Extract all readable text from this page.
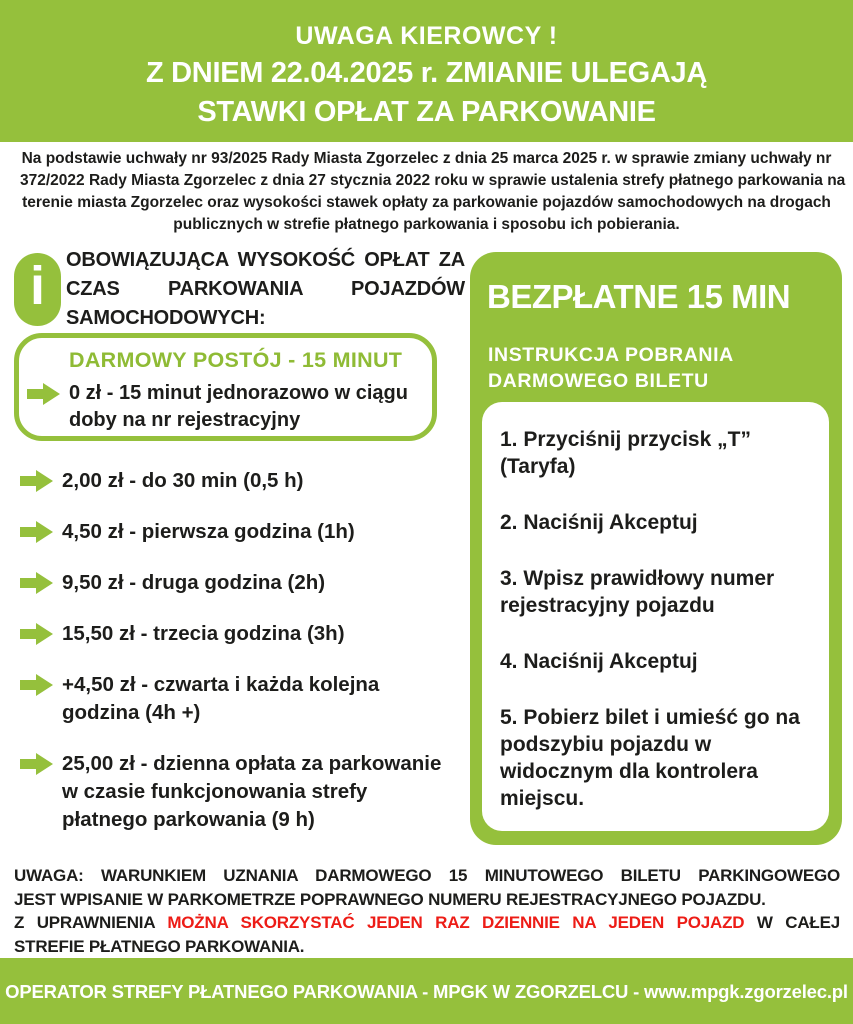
UWAGA KIEROWCY !
Z DNIEM 22.04.2025 r. ZMIANIE ULEGAJĄ
STAWKI OPŁAT ZA PARKOWANIE
Na podstawie uchwały nr 93/2025 Rady Miasta Zgorzelec z dnia 25 marca 2025 r. w sprawie zmiany uchwały nr
372/2022 Rady Miasta Zgorzelec z dnia 27 stycznia 2022 roku w sprawie ustalenia strefy płatnego parkowania na
terenie miasta Zgorzelec oraz wysokości stawek opłaty za parkowanie pojazdów samochodowych na drogach
publicznych w strefie płatnego parkowania i sposobu ich pobierania.
i	OBOWIĄZUJĄCA WYSOKOŚĆ OPŁAT ZA
CZAS PARKOWANIA POJAZDÓW
SAMOCHODOWYCH:
DARMOWY POSTÓJ - 15 MINUT
0 zł - 15 minut jednorazowo w ciągu doby na nr rejestracyjny
2,00 zł - do 30 min (0,5 h)
4,50 zł - pierwsza godzina (1h)
9,50 zł - druga godzina (2h)
15,50 zł - trzecia godzina (3h)
+4,50 zł - czwarta i każda kolejna godzina (4h +)
25,00 zł - dzienna opłata za parkowanie w czasie funkcjonowania strefy płatnego parkowania (9 h)
BEZPŁATNE 15 MIN
INSTRUKCJA POBRANIA
DARMOWEGO BILETU
1. Przyciśnij przycisk „T” (Taryfa)
2. Naciśnij Akceptuj
3. Wpisz prawidłowy numer rejestracyjny pojazdu
4. Naciśnij Akceptuj
5. Pobierz bilet i umieść go na podszybiu pojazdu w widocznym dla kontrolera miejscu.
UWAGA: WARUNKIEM UZNANIA DARMOWEGO 15 MINUTOWEGO BILETU PARKINGOWEGO
JEST WPISANIE W PARKOMETRZE POPRAWNEGO NUMERU REJESTRACYJNEGO POJAZDU.
Z UPRAWNIENIA MOŻNA SKORZYSTAĆ JEDEN RAZ DZIENNIE NA JEDEN POJAZD W CAŁEJ
STREFIE PŁATNEGO PARKOWANIA.
OPERATOR STREFY PŁATNEGO PARKOWANIA - MPGK W ZGORZELCU - www.mpgk.zgorzelec.pl
